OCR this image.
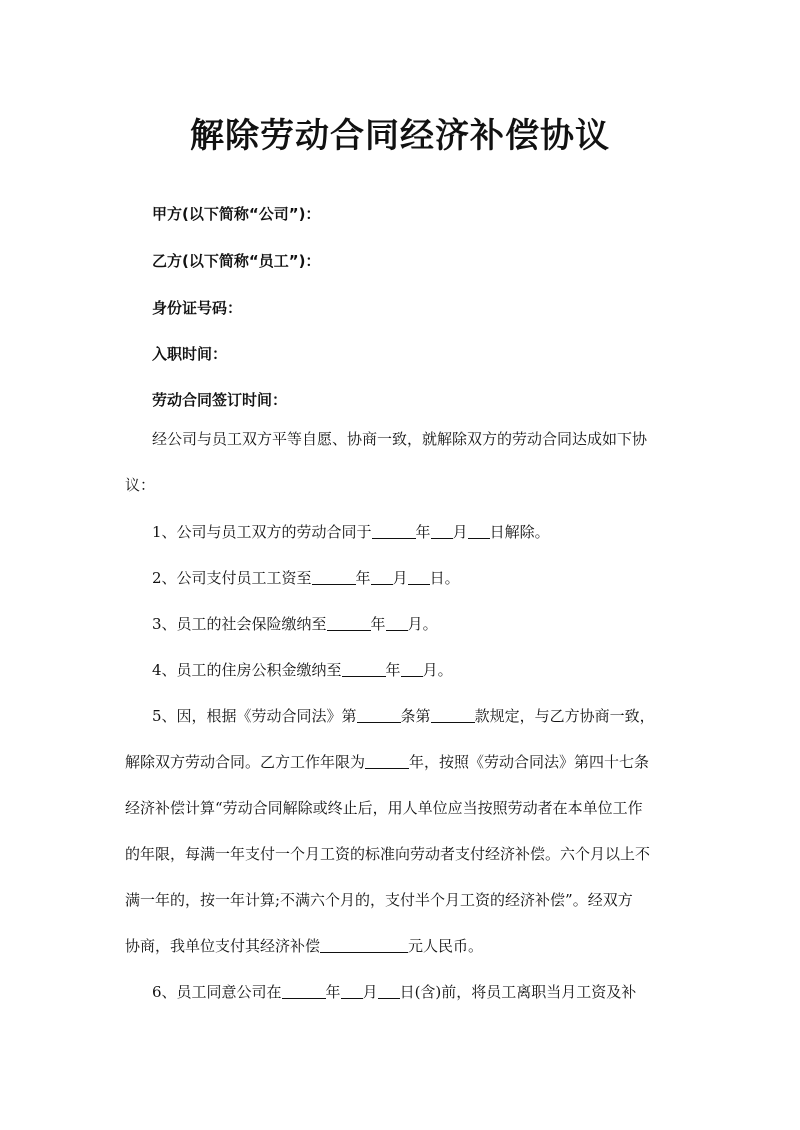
解除劳动合同经济补偿协议
甲方(以下简称“公司”)：
乙方(以下简称“员工”)：
身份证号码：
入职时间：
劳动合同签订时间：
经公司与员工双方平等自愿、协商一致，就解除双方的劳动合同达成如下协
议：
1、公司与员工双方的劳动合同于	年 月 日解除。
2、公司支付员工工资至	年 月 日。
3、员工的社会保险缴纳至	年 月。
4、员工的住房公积金缴纳至	年 月。
5、因，根据《劳动合同法》第	条第	款规定，与乙方协商一致，
解除双方劳动合同。乙方工作年限为	年，按照《劳动合同法》第四十七条
经济补偿计算“劳动合同解除或终止后，用人单位应当按照劳动者在本单位工作
的年限，每满一年支付一个月工资的标准向劳动者支付经济补偿。六个月以上不
满一年的，按一年计算;不满六个月的，支付半个月工资的经济补偿”。经双方
协商，我单位支付其经济补偿	元人民币。
6、员工同意公司在	年 月 日(含)前，将员工离职当月工资及补
